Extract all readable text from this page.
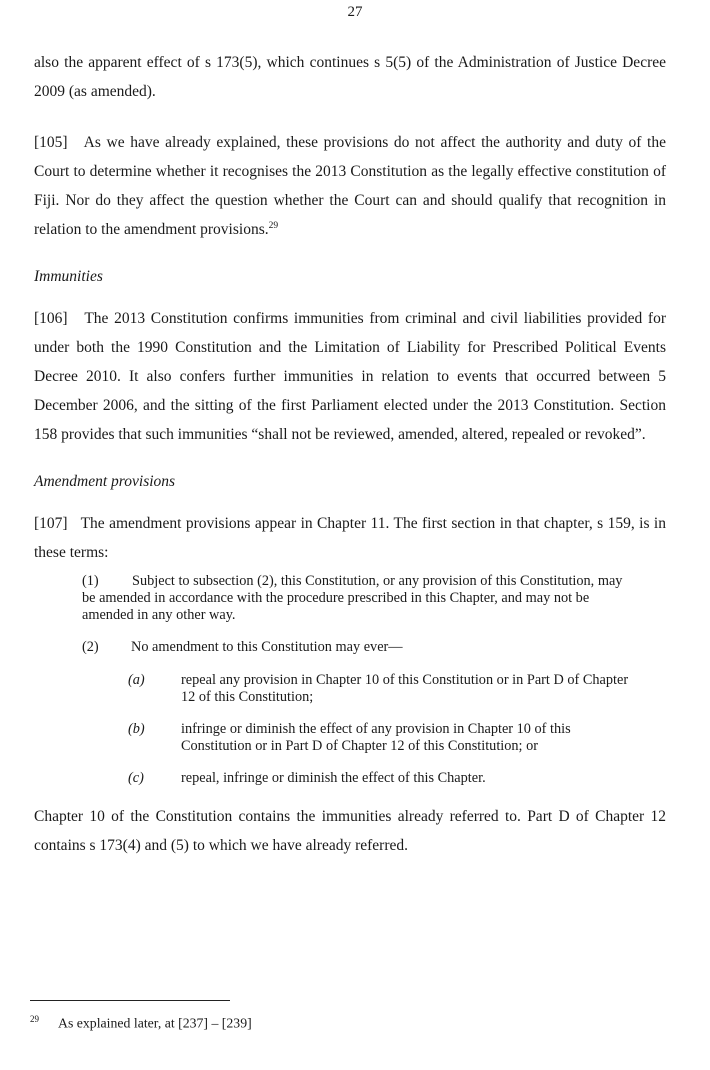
27

also the apparent effect of s 173(5), which continues s 5(5) of the Administration of Justice Decree 2009 (as amended).

[105] As we have already explained, these provisions do not affect the authority and duty of the Court to determine whether it recognises the 2013 Constitution as the legally effective constitution of Fiji. Nor do they affect the question whether the Court can and should qualify that recognition in relation to the amendment provisions.$^{29}$

Immunities

[106] The 2013 Constitution confirms immunities from criminal and civil liabilities provided for under both the 1990 Constitution and the Limitation of Liability for Prescribed Political Events Decree 2010. It also confers further immunities in relation to events that occurred between 5 December 2006, and the sitting of the first Parliament elected under the 2013 Constitution. Section 158 provides that such immunities “shall not be reviewed, amended, altered, repealed or revoked”.

Amendment provisions

[107] The amendment provisions appear in Chapter 11. The first section in that chapter, s 159, is in these terms:

(1) Subject to subsection (2), this Constitution, or any provision of this Constitution, may be amended in accordance with the procedure prescribed in this Chapter, and may not be amended in any other way.
(2)	No amendment to this Constitution may ever—
(a)	repeal any provision in Chapter 10 of this Constitution or in Part D of Chapter 12 of this Constitution;
(b)	infringe or diminish the effect of any provision in Chapter 10 of this Constitution or in Part D of Chapter 12 of this Constitution; or
(c)	repeal, infringe or diminish the effect of this Chapter.

Chapter 10 of the Constitution contains the immunities already referred to. Part D of Chapter 12 contains s 173(4) and (5) to which we have already referred.

29 As explained later, at [237] – [239]
